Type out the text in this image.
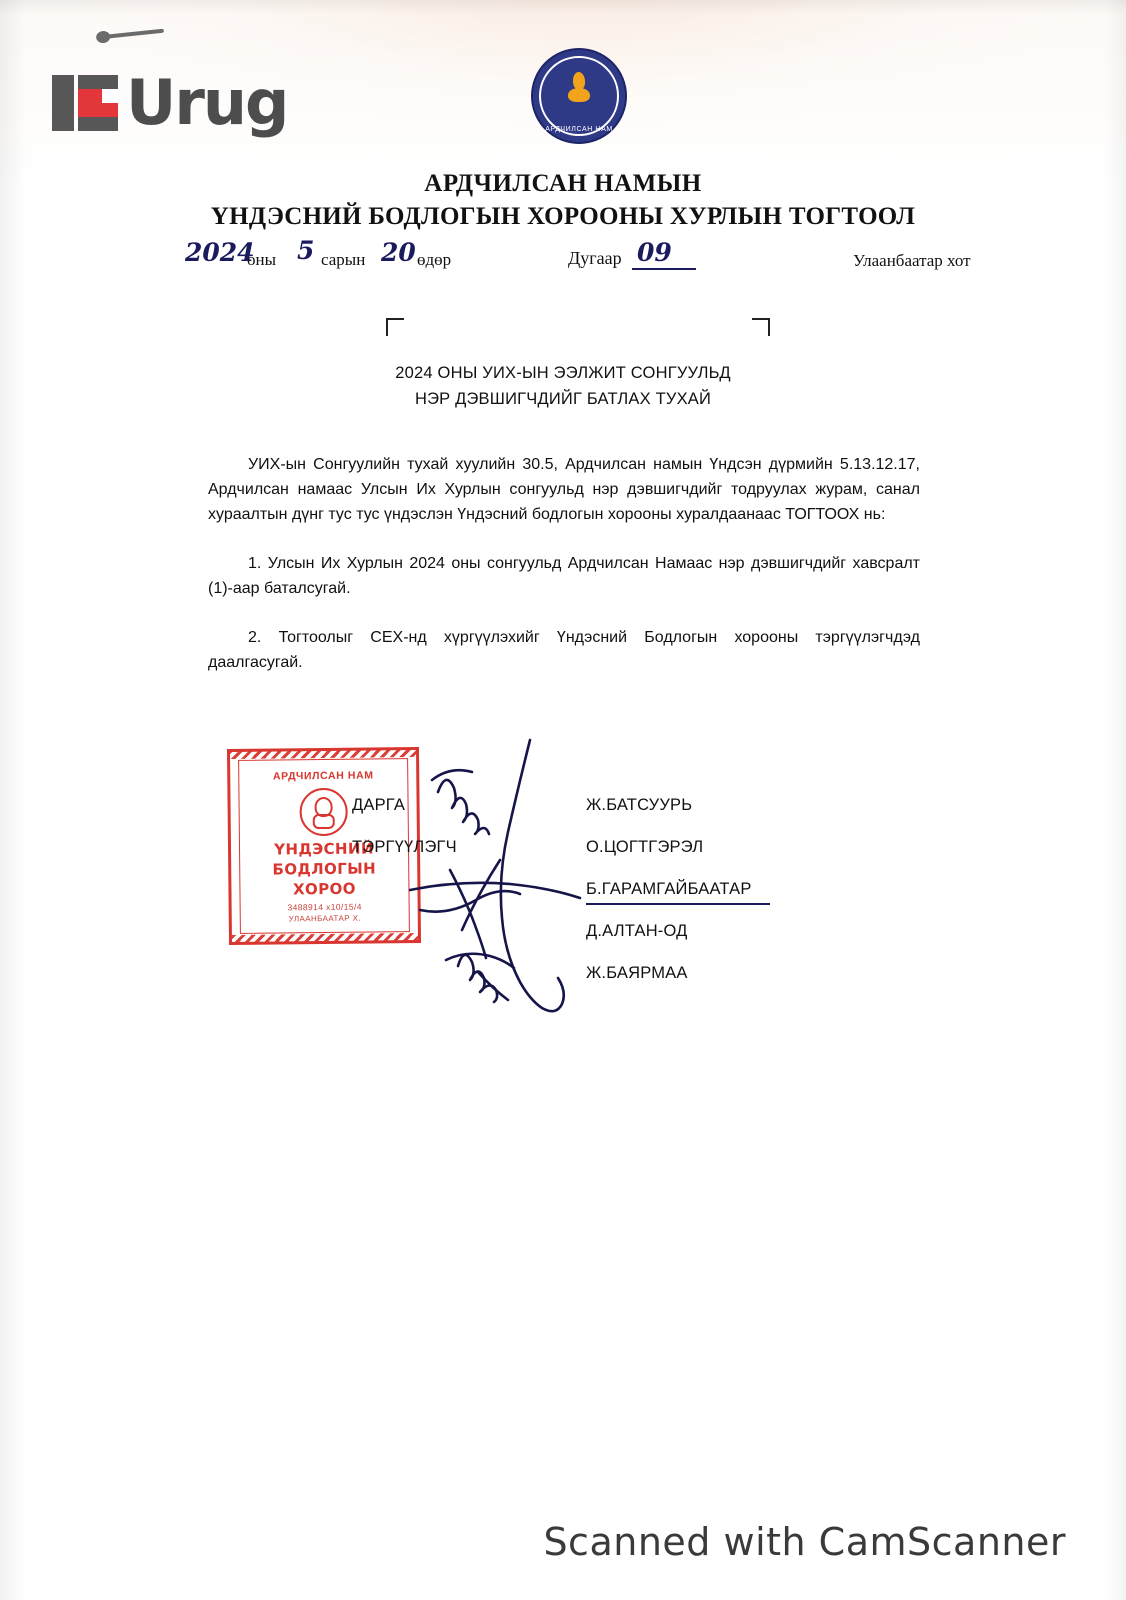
Urug	АРДЧИЛСАН НАМ
АРДЧИЛСАН НАМЫН
ҮНДЭСНИЙ БОДЛОГЫН ХОРООНЫ ХУРЛЫН ТОГТООЛ
2024
оны 5 сарын 20 өдөр	Дугаар 09	Улаанбаатар хот
2024 ОНЫ УИХ-ЫН ЭЭЛЖИТ СОНГУУЛЬД
НЭР ДЭВШИГЧДИЙГ БАТЛАХ ТУХАЙ

УИХ-ын Сонгуулийн тухай хуулийн 30.5, Ардчилсан намын Үндсэн дүрмийн 5.13.12.17, Ардчилсан намаас Улсын Их Хурлын сонгуульд нэр дэвшигчдийг тодруулах журам, санал хураалтын дүнг тус тус үндэслэн Үндэсний бодлогын хорооны хуралдаанаас ТОГТООХ нь:

1. Улсын Их Хурлын 2024 оны сонгуульд Ардчилсан Намаас нэр дэвшигчдийг хавсралт (1)-аар баталсугай.

2. Тогтоолыг СЕХ-нд хүргүүлэхийг Үндэсний Бодлогын хорооны тэргүүлэгчдэд даалгасугай.

АРДЧИЛСАН НАМ
ҮНДЭСНИЙ
БОДЛОГЫН
ХОРОО
3488914 х10/15/4
УЛААНБААТАР Х.
ДАРГА
ТЭРГҮҮЛЭГЧ
Ж.БАТСУУРЬ
О.ЦОГТГЭРЭЛ
Б.ГАРАМГАЙБААТАР
Д.АЛТАН-ОД
Ж.БАЯРМАА
Scanned with CamScanner
